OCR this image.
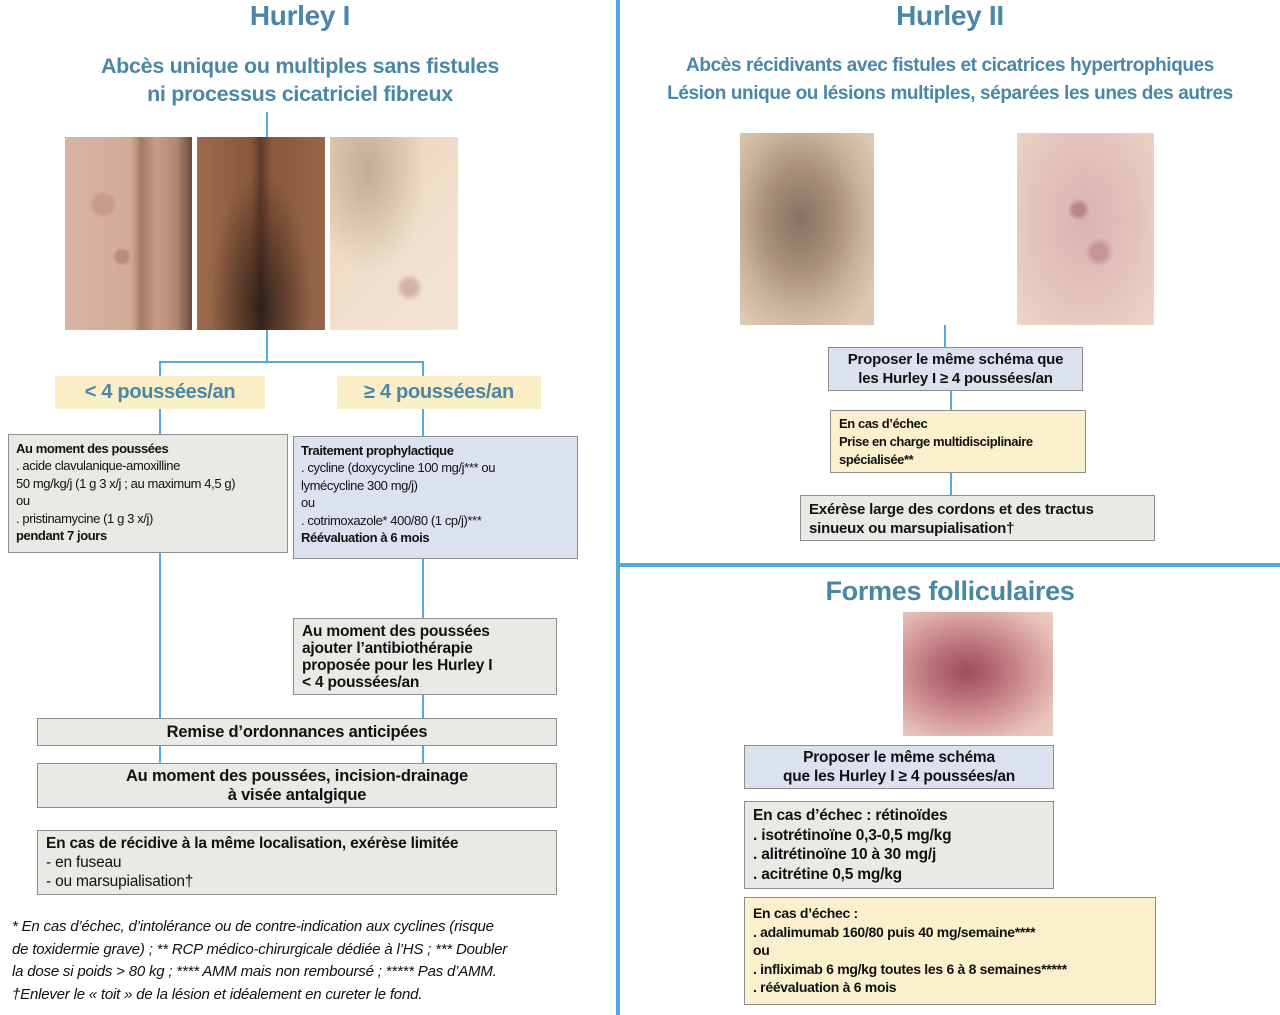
Hurley I
Abcès unique ou multiples sans fistules
ni processus cicatriciel fibreux
< 4 poussées/an	≥ 4 poussées/an
Au moment des poussées
. acide clavulanique-amoxilline
50 mg/kg/j (1 g 3 x/j ; au maximum 4,5 g)
ou
. pristinamycine (1 g 3 x/j)
pendant 7 jours
Traitement prophylactique
. cycline (doxycycline 100 mg/j*** ou
lymécycline 300 mg/j)
ou
. cotrimoxazole* 400/80 (1 cp/j)***
Réévaluation à 6 mois
Au moment des poussées
ajouter l’antibiothérapie
proposée pour les Hurley I
< 4 poussées/an
Remise d’ordonnances anticipées
Au moment des poussées, incision-drainage
à visée antalgique
En cas de récidive à la même localisation, exérèse limitée
- en fuseau
- ou marsupialisation†
* En cas d’échec, d’intolérance ou de contre-indication aux cyclines (risque
de toxidermie grave) ; ** RCP médico-chirurgicale dédiée à l’HS ; *** Doubler
la dose si poids > 80 kg ; **** AMM mais non remboursé ; ***** Pas d’AMM.
†Enlever le « toit » de la lésion et idéalement en cureter le fond.
Hurley II
Abcès récidivants avec fistules et cicatrices hypertrophiques
Lésion unique ou lésions multiples, séparées les unes des autres
Proposer le même schéma que
les Hurley I ≥ 4 poussées/an
En cas d’échec
Prise en charge multidisciplinaire
spécialisée**
Exérèse large des cordons et des tractus
sinueux ou marsupialisation†
Formes folliculaires
Proposer le même schéma
que les Hurley I ≥ 4 poussées/an
En cas d’échec : rétinoïdes
. isotrétinoïne 0,3-0,5 mg/kg
. alitrétinoïne 10 à 30 mg/j
. acitrétine 0,5 mg/kg
En cas d’échec :
. adalimumab 160/80 puis 40 mg/semaine****
ou
. infliximab 6 mg/kg toutes les 6 à 8 semaines*****
. réévaluation à 6 mois
